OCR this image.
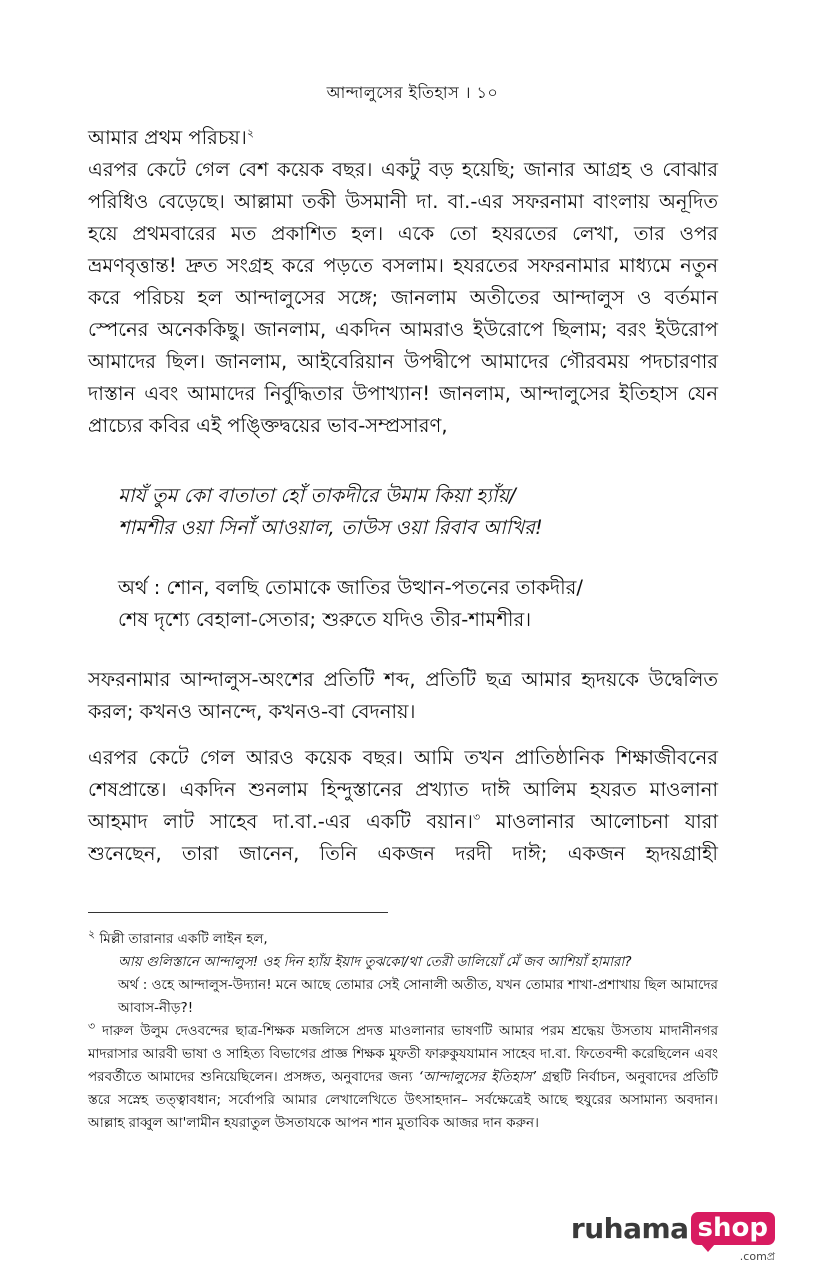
আন্দালুসের ইতিহাস । ১০

আমার প্রথম পরিচয়।$^২$

এরপর কেটে গেল বেশ কয়েক বছর। একটু বড় হয়েছি; জানার আগ্রহ ও বোঝার পরিধিও বেড়েছে। আল্লামা তকী উসমানী দা. বা.-এর সফরনামা বাংলায় অনূদিত হয়ে প্রথমবারের মত প্রকাশিত হল। একে তো হযরতের লেখা, তার ওপর ভ্রমণবৃত্তান্ত! দ্রুত সংগ্রহ করে পড়তে বসলাম। হযরতের সফরনামার মাধ্যমে নতুন করে পরিচয় হল আন্দালুসের সঙ্গে; জানলাম অতীতের আন্দালুস ও বর্তমান স্পেনের অনেককিছু। জানলাম, একদিন আমরাও ইউরোপে ছিলাম; বরং ইউরোপ আমাদের ছিল। জানলাম, আইবেরিয়ান উপদ্বীপে আমাদের গৌরবময় পদচারণার দাস্তান এবং আমাদের নির্বুদ্ধিতার উপাখ্যান! জানলাম, আন্দালুসের ইতিহাস যেন প্রাচ্যের কবির এই পঙ্ক্তিদ্বয়ের ভাব-সম্প্রসারণ,

মাযঁ তুম কো বাতাতা হোঁ তাকদীরে উমাম কিয়া হ্যাঁয়/

শামশীর ওয়া সিনাঁ আওয়াল, তাউস ওয়া রিবাব আখির!

অর্থ : শোন, বলছি তোমাকে জাতির উত্থান-পতনের তাকদীর/

শেষ দৃশ্যে বেহালা-সেতার; শুরুতে যদিও তীর-শামশীর।

সফরনামার আন্দালুস-অংশের প্রতিটি শব্দ, প্রতিটি ছত্র আমার হৃদয়কে উদ্বেলিত করল; কখনও আনন্দে, কখনও-বা বেদনায়।

এরপর কেটে গেল আরও কয়েক বছর। আমি তখন প্রাতিষ্ঠানিক শিক্ষাজীবনের শেষপ্রান্তে। একদিন শুনলাম হিন্দুস্তানের প্রখ্যাত দাঈ আলিম হযরত মাওলানা আহমাদ লাট সাহেব দা.বা.-এর একটি বয়ান।$^৩$ মাওলানার আলোচনা যারা শুনেছেন, তারা জানেন, তিনি একজন দরদী দাঈ; একজন হৃদয়গ্রাহী

$^২$ মিল্লী তারানার একটি লাইন হল,

আয় গুলিস্তানে আন্দালুস! ওহ দিন হ্যাঁয় ইয়াদ তুঝকো/থা তেরী ডালিয়োঁ মেঁ জব আশিয়াঁ হামারা?

অর্থ : ওহে আন্দালুস-উদ্যান! মনে আছে তোমার সেই সোনালী অতীত, যখন তোমার শাখা-প্রশাখায় ছিল আমাদের আবাস-নীড়?!

$^৩$ দারুল উলুম দেওবন্দের ছাত্র-শিক্ষক মজলিসে প্রদত্ত মাওলানার ভাষণটি আমার পরম শ্রদ্ধেয় উসতায মাদানীনগর মাদরাসার আরবী ভাষা ও সাহিত্য বিভাগের প্রাজ্ঞ শিক্ষক মুফতী ফারুকুযযামান সাহেব দা.বা. ফিতেবন্দী করেছিলেন এবং পরবর্তীতে আমাদের শুনিয়েছিলেন। প্রসঙ্গত, অনুবাদের জন্য ‘আন্দালুসের ইতিহাস’ গ্রন্থটি নির্বাচন, অনুবাদের প্রতিটি স্তরে সস্নেহ তত্ত্বাবধান; সর্বোপরি আমার লেখালেখিতে উৎসাহদান– সর্বক্ষেত্রেই আছে হুযুরের অসামান্য অবদান। আল্লাহ রাব্বুল আ'লামীন হযরাতুল উসতাযকে আপন শান মুতাবিক আজর দান করুন।

ruhama shop
.comপ্র
